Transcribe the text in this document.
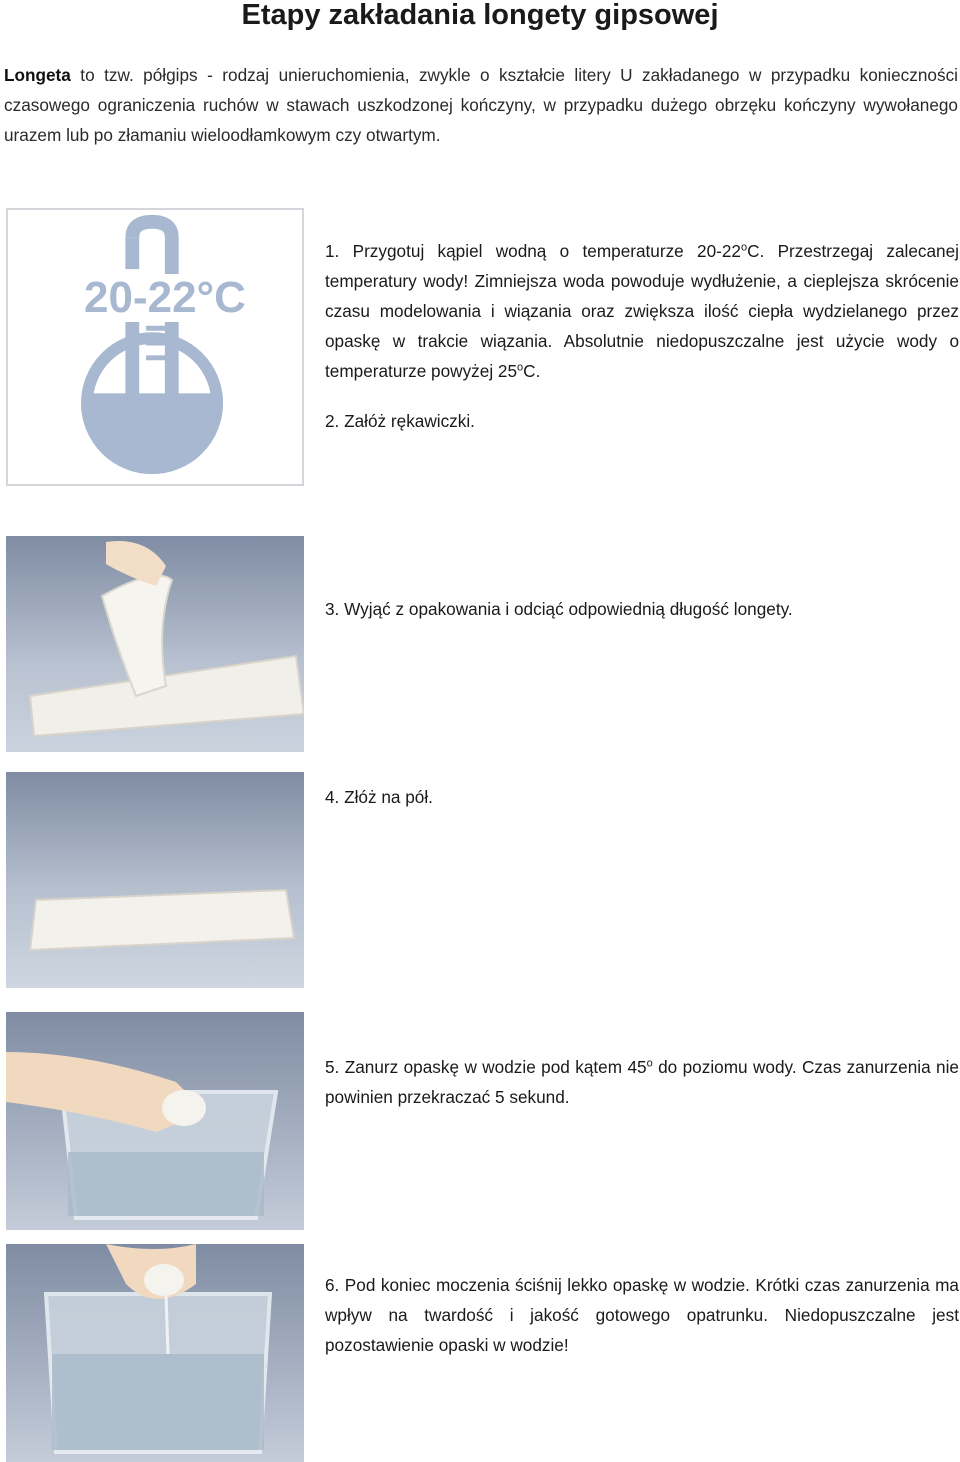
Etapy zakładania longety gipsowej

Longeta to tzw. półgips - rodzaj unieruchomienia, zwykle o kształcie litery U zakładanego w przypadku konieczności czasowego ograniczenia ruchów w stawach uszkodzonej kończyny, w przypadku dużego obrzęku kończyny wywołanego urazem lub po złamaniu wieloodłamkowym czy otwartym.

20-22°C

1. Przygotuj kąpiel wodną o temperaturze 20-22$^o$C. Przestrzegaj zalecanej temperatury wody! Zimniejsza woda powoduje wydłużenie, a cieplejsza skrócenie czasu modelowania i wiązania oraz zwiększa ilość ciepła wydzielanego przez opaskę w trakcie wiązania. Absolutnie niedopuszczalne jest użycie wody o temperaturze powyżej 25$^o$C.

2. Załóż rękawiczki.

3. Wyjąć z opakowania i odciąć odpowiednią długość longety.

4. Złóż na pół.

5. Zanurz opaskę w wodzie pod kątem 45$^o$ do poziomu wody. Czas zanurzenia nie powinien przekraczać 5 sekund.

6. Pod koniec moczenia ściśnij lekko opaskę w wodzie. Krótki czas zanurzenia ma wpływ na twardość i jakość gotowego opatrunku. Niedopuszczalne jest pozostawienie opaski w wodzie!
